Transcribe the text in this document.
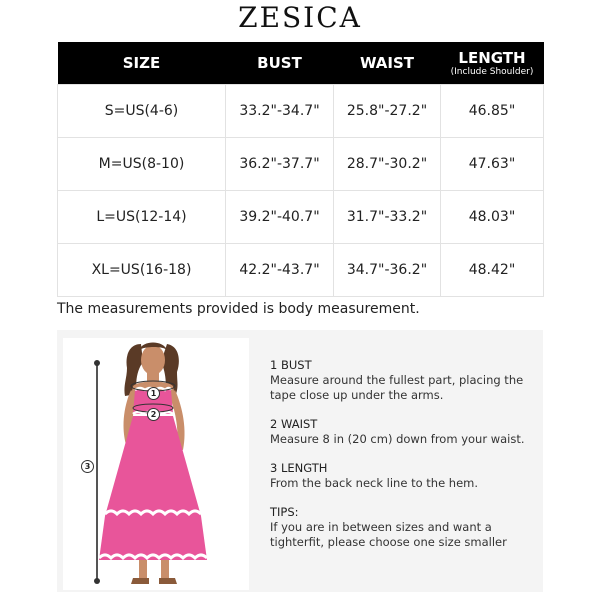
ZESICA
SIZE	BUST	WAIST	LENGTH
(Include Shoulder)

S=US(4-6)	33.2"-34.7"	25.8"-27.2"	46.85"
M=US(8-10)	36.2"-37.7"	28.7"-30.2"	47.63"
L=US(12-14)	39.2"-40.7"	31.7"-33.2"	48.03"
XL=US(16-18)	42.2"-43.7"	34.7"-36.2"	48.42"
The measurements provided is body measurement.
1
2
3
1 BUST
Measure around the fullest part, placing the tape close up under the arms.
2 WAIST
Measure 8 in (20 cm) down from your waist.
3 LENGTH
From the back neck line to the hem.
TIPS:
If you are in between sizes and want a tighterfit, please choose one size smaller
